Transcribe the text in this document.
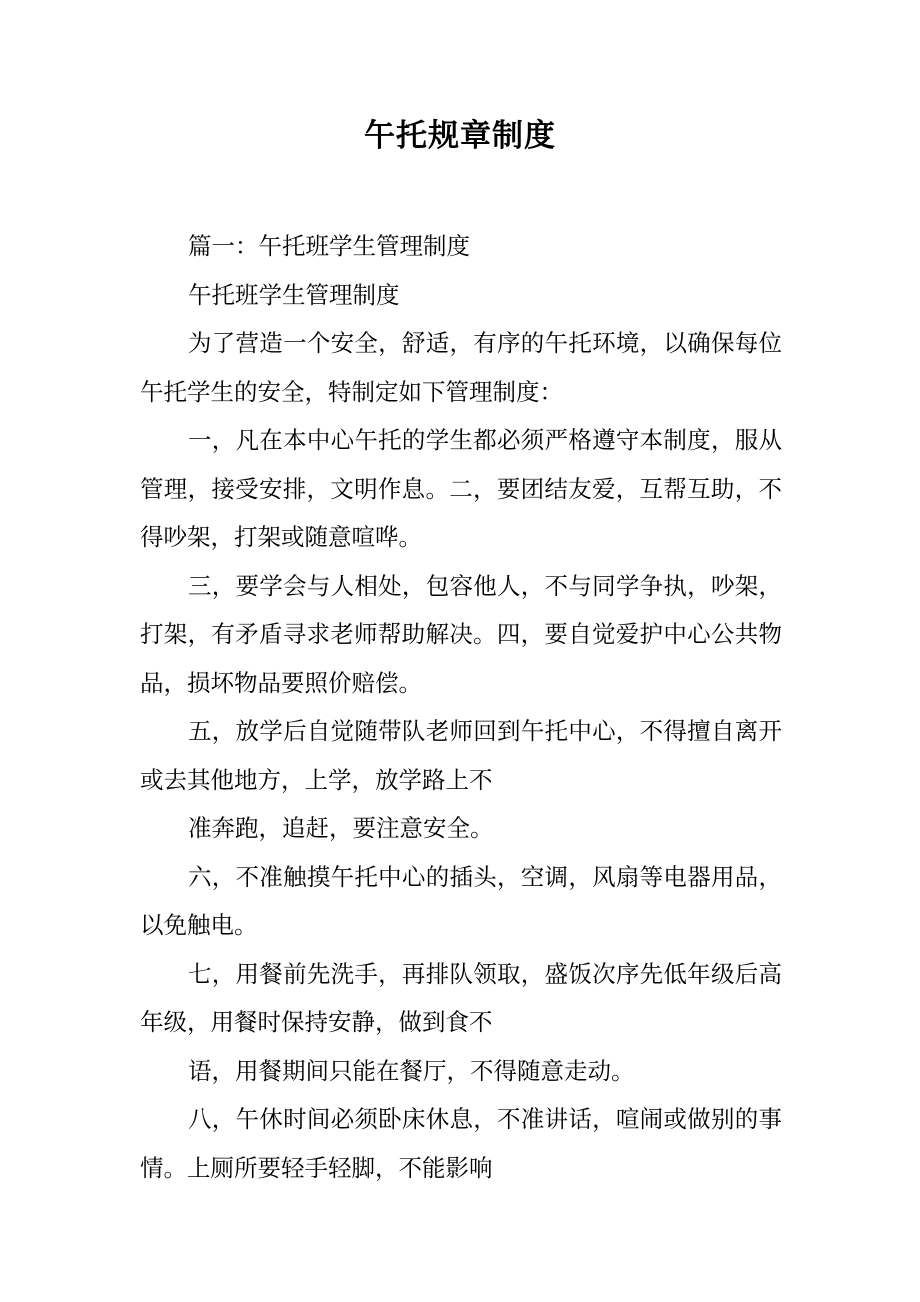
午托规章制度

篇一：午托班学生管理制度

午托班学生管理制度

为了营造一个安全，舒适，有序的午托环境，以确保每位午托学生的安全，特制定如下管理制度：

一，凡在本中心午托的学生都必须严格遵守本制度，服从管理，接受安排，文明作息。二，要团结友爱，互帮互助，不得吵架，打架或随意喧哗。

三，要学会与人相处，包容他人，不与同学争执，吵架，打架，有矛盾寻求老师帮助解决。四，要自觉爱护中心公共物品，损坏物品要照价赔偿。

五，放学后自觉随带队老师回到午托中心，不得擅自离开或去其他地方，上学，放学路上不

准奔跑，追赶，要注意安全。

六，不准触摸午托中心的插头，空调，风扇等电器用品，以免触电。

七，用餐前先洗手，再排队领取，盛饭次序先低年级后高年级，用餐时保持安静，做到食不

语，用餐期间只能在餐厅，不得随意走动。

八，午休时间必须卧床休息，不准讲话，喧闹或做别的事情。上厕所要轻手轻脚，不能影响
